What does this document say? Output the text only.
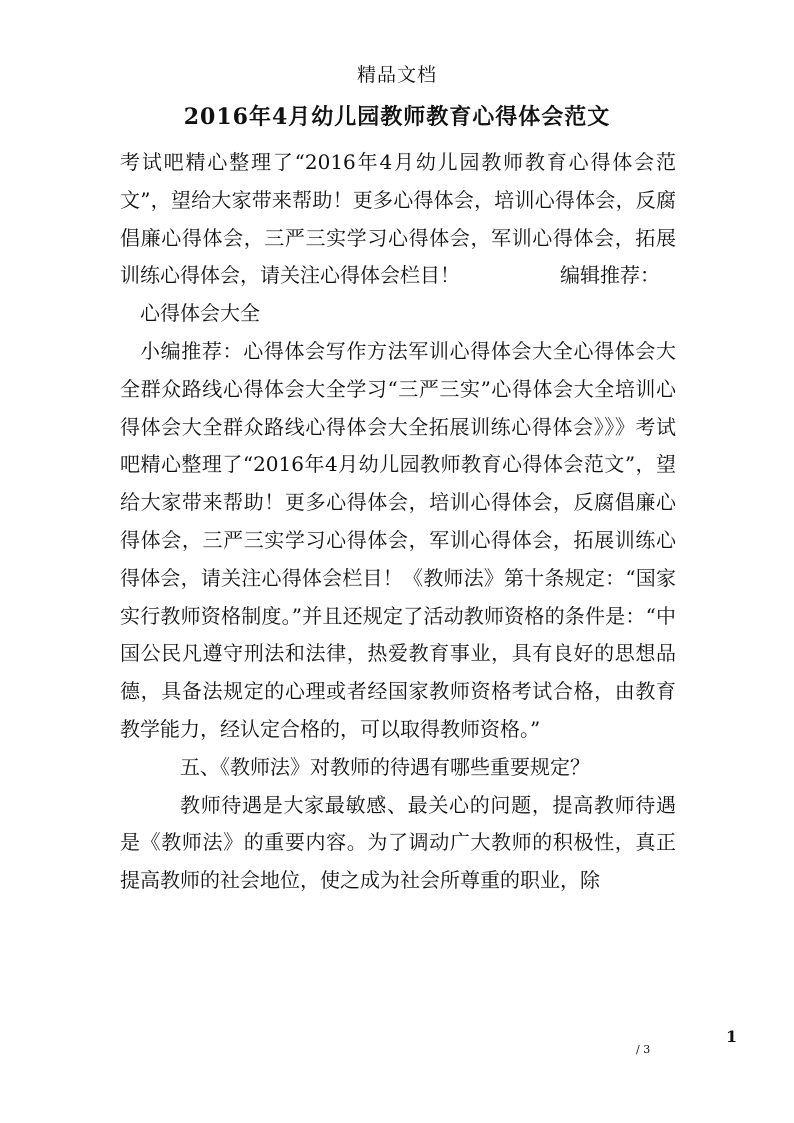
精品文档
2016年4月幼儿园教师教育心得体会范文

考试吧精心整理了“2016年4月幼儿园教师教育心得体会范文”，望给大家带来帮助！更多心得体会，培训心得体会，反腐倡廉心得体会，三严三实学习心得体会，军训心得体会，拓展训练心得体会，请关注心得体会栏目！　　　　　编辑推荐：

心得体会大全

小编推荐：心得体会写作方法军训心得体会大全心得体会大全群众路线心得体会大全学习“三严三实”心得体会大全培训心得体会大全群众路线心得体会大全拓展训练心得体会》》》考试吧精心整理了“2016年4月幼儿园教师教育心得体会范文”，望给大家带来帮助！更多心得体会，培训心得体会，反腐倡廉心得体会，三严三实学习心得体会，军训心得体会，拓展训练心得体会，请关注心得体会栏目！《教师法》第十条规定：“国家实行教师资格制度。”并且还规定了活动教师资格的条件是：“中国公民凡遵守刑法和法律，热爱教育事业，具有良好的思想品德，具备法规定的心理或者经国家教师资格考试合格，由教育教学能力，经认定合格的，可以取得教师资格。”

五、《教师法》对教师的待遇有哪些重要规定？

教师待遇是大家最敏感、最关心的问题，提高教师待遇是《教师法》的重要内容。为了调动广大教师的积极性，真正提高教师的社会地位，使之成为社会所尊重的职业，除

1
/ 3
